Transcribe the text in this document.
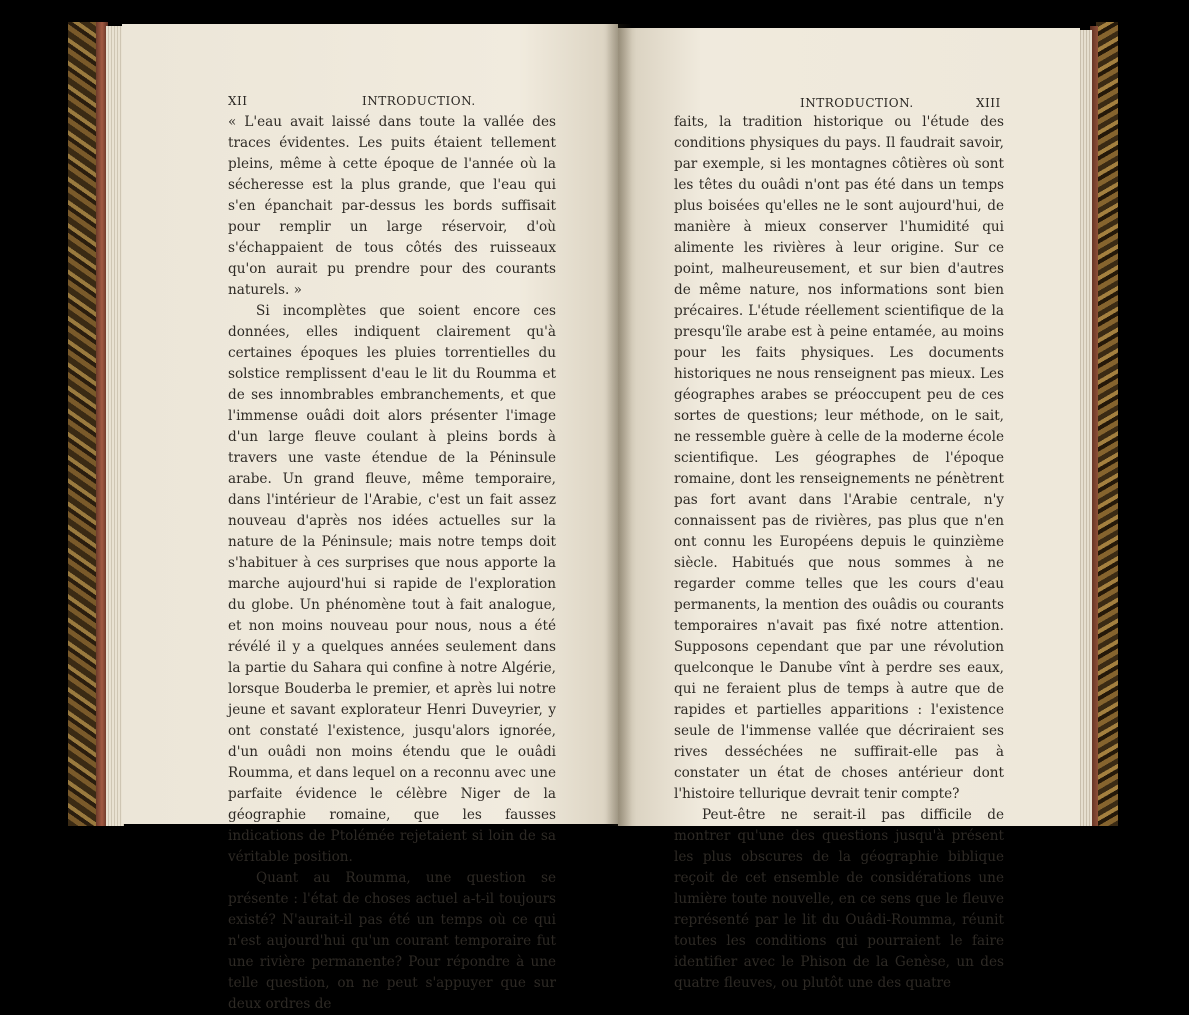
XII	INTRODUCTION.

« L'eau avait laissé dans toute la vallée des traces évidentes. Les puits étaient tellement pleins, même à cette époque de l'année où la sécheresse est la plus grande, que l'eau qui s'en épanchait par-dessus les bords suffisait pour remplir un large réservoir, d'où s'échappaient de tous côtés des ruisseaux qu'on aurait pu prendre pour des courants naturels. »

Si incomplètes que soient encore ces données, elles indiquent clairement qu'à certaines époques les pluies torrentielles du solstice remplissent d'eau le lit du Roumma et de ses innombrables embranchements, et que l'immense ouâdi doit alors présenter l'image d'un large fleuve coulant à pleins bords à travers une vaste étendue de la Péninsule arabe. Un grand fleuve, même temporaire, dans l'intérieur de l'Arabie, c'est un fait assez nouveau d'après nos idées actuelles sur la nature de la Péninsule; mais notre temps doit s'habituer à ces surprises que nous apporte la marche aujourd'hui si rapide de l'exploration du globe. Un phénomène tout à fait analogue, et non moins nouveau pour nous, nous a été révélé il y a quelques années seulement dans la partie du Sahara qui confine à notre Algérie, lorsque Bouderba le premier, et après lui notre jeune et savant explorateur Henri Duveyrier, y ont constaté l'existence, jusqu'alors ignorée, d'un ouâdi non moins étendu que le ouâdi Roumma, et dans lequel on a reconnu avec une parfaite évidence le célèbre Niger de la géographie romaine, que les fausses indications de Ptolémée rejetaient si loin de sa véritable position.

Quant au Roumma, une question se présente : l'état de choses actuel a-t-il toujours existé? N'aurait-il pas été un temps où ce qui n'est aujourd'hui qu'un courant temporaire fut une rivière permanente? Pour répondre à une telle question, on ne peut s'appuyer que sur deux ordres de

INTRODUCTION.	XIII

faits, la tradition historique ou l'étude des conditions physiques du pays. Il faudrait savoir, par exemple, si les montagnes côtières où sont les têtes du ouâdi n'ont pas été dans un temps plus boisées qu'elles ne le sont aujourd'hui, de manière à mieux conserver l'humidité qui alimente les rivières à leur origine. Sur ce point, malheureusement, et sur bien d'autres de même nature, nos informations sont bien précaires. L'étude réellement scientifique de la presqu'île arabe est à peine entamée, au moins pour les faits physiques. Les documents historiques ne nous renseignent pas mieux. Les géographes arabes se préoccupent peu de ces sortes de questions; leur méthode, on le sait, ne ressemble guère à celle de la moderne école scientifique. Les géographes de l'époque romaine, dont les renseignements ne pénètrent pas fort avant dans l'Arabie centrale, n'y connaissent pas de rivières, pas plus que n'en ont connu les Européens depuis le quinzième siècle. Habitués que nous sommes à ne regarder comme telles que les cours d'eau permanents, la mention des ouâdis ou courants temporaires n'avait pas fixé notre attention. Supposons cependant que par une révolution quelconque le Danube vînt à perdre ses eaux, qui ne feraient plus de temps à autre que de rapides et partielles apparitions : l'existence seule de l'immense vallée que décriraient ses rives desséchées ne suffirait-elle pas à constater un état de choses antérieur dont l'histoire tellurique devrait tenir compte?

Peut-être ne serait-il pas difficile de montrer qu'une des questions jusqu'à présent les plus obscures de la géographie biblique reçoit de cet ensemble de considérations une lumière toute nouvelle, en ce sens que le fleuve représenté par le lit du Ouâdi-Roumma, réunit toutes les conditions qui pourraient le faire identifier avec le Phison de la Genèse, un des quatre fleuves, ou plutôt une des quatre
